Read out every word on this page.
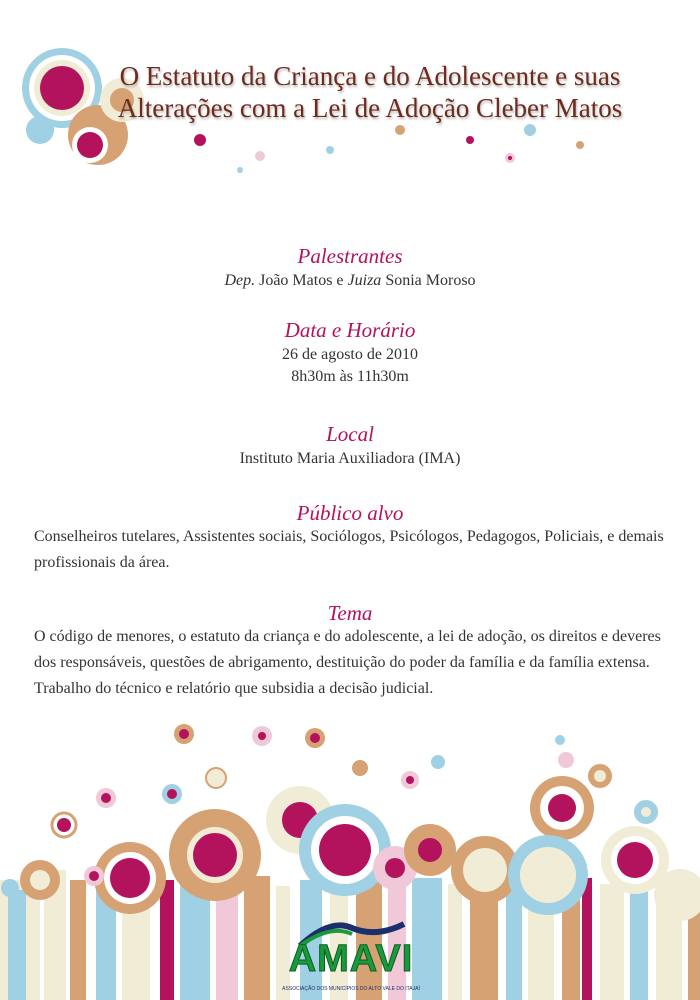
O Estatuto da Criança e do Adolescente e suas
Alterações com a Lei de Adoção Cleber Matos
Palestrantes
Dep. João Matos e Juiza Sonia Moroso
Data e Horário
26 de agosto de 2010
8h30m às 11h30m
Local
Instituto Maria Auxiliadora (IMA)
Público alvo

Conselheiros tutelares, Assistentes sociais, Sociólogos, Psicólogos, Pedagogos, Policiais, e demais profissionais da área.

Tema

O código de menores, o estatuto da criança e do adolescente, a lei de adoção, os direitos e deveres dos responsáveis, questões de abrigamento, destituição do poder da família e da família extensa. Trabalho do técnico e relatório que subsidia a decisão judicial.

AMAVI
ASSOCIAÇÃO DOS MUNICÍPIOS DO ALTO VALE DO ITAJAÍ
